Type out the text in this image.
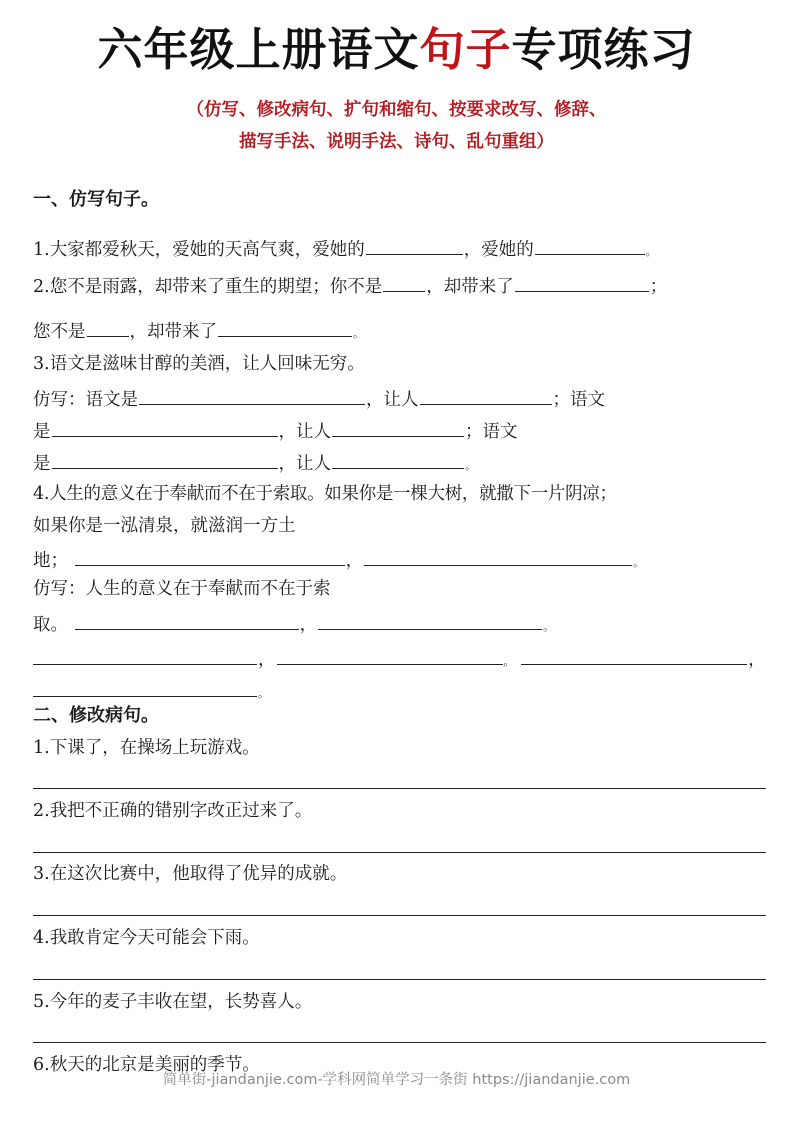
六年级上册语文句子专项练习
（仿写、修改病句、扩句和缩句、按要求改写、修辞、
描写手法、说明手法、诗句、乱句重组）
一、仿写句子。
1.大家都爱秋天，爱她的天高气爽，爱她的	，爱她的	。
2.您不是雨露，却带来了重生的期望；你不是	，却带来了	；
您不是	，却带来了	。
3.语文是滋味甘醇的美酒，让人回味无穷。
仿写：语文是	，让人	；语文
是	，让人	；语文
是	，让人	。
4.人生的意义在于奉献而不在于索取。如果你是一棵大树，就撒下一片阴凉；
如果你是一泓清泉，就滋润一方土
地；	，	。
仿写：人生的意义在于奉献而不在于索
取。	，	。
，	。	，
。
二、修改病句。
1.下课了，在操场上玩游戏。
2.我把不正确的错别字改正过来了。
3.在这次比赛中，他取得了优异的成就。
4.我敢肯定今天可能会下雨。
5.今年的麦子丰收在望，长势喜人。
6.秋天的北京是美丽的季节。
简单街-jiandanjie.com-学科网简单学习一条街 https://jiandanjie.com
